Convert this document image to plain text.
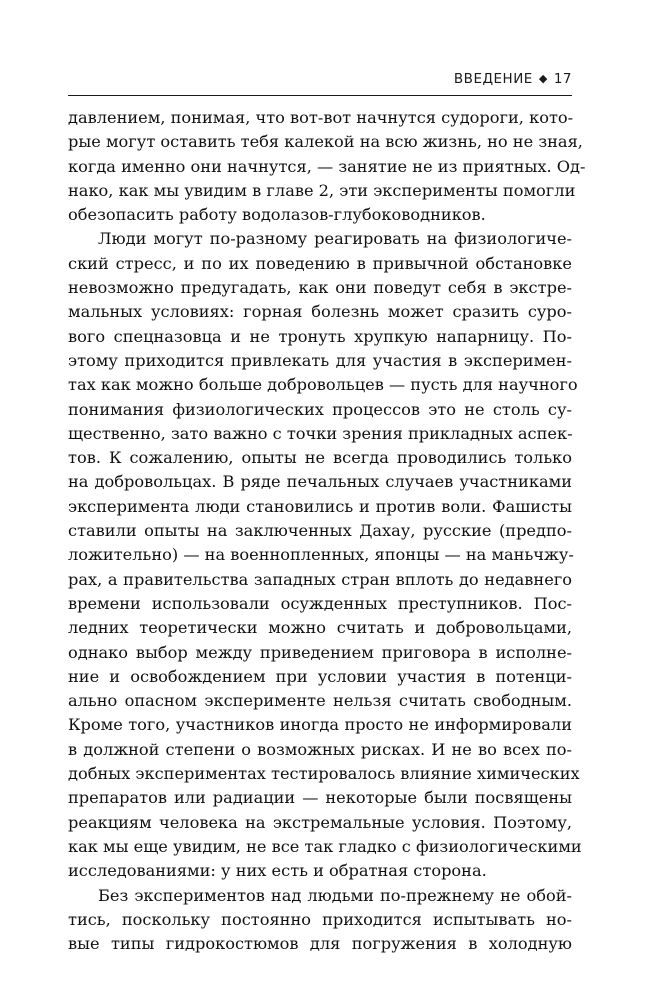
ВВЕДЕНИЕ ◆ 17
давлением, понимая, что вот-вот начнутся судороги, кото-
рые могут оставить тебя калекой на всю жизнь, но не зная,
когда именно они начнутся, — занятие не из приятных. Од-
нако, как мы увидим в главе 2, эти эксперименты помогли
обезопасить работу водолазов-глубоководников.
Люди могут по-разному реагировать на физиологиче-
ский стресс, и по их поведению в привычной обстановке
невозможно предугадать, как они поведут себя в экстре-
мальных условиях: горная болезнь может сразить суро-
вого спецназовца и не тронуть хрупкую напарницу. По-
этому приходится привлекать для участия в эксперимен-
тах как можно больше добровольцев — пусть для научного
понимания физиологических процессов это не столь су-
щественно, зато важно с точки зрения прикладных аспек-
тов. К сожалению, опыты не всегда проводились только
на добровольцах. В ряде печальных случаев участниками
эксперимента люди становились и против воли. Фашисты
ставили опыты на заключенных Дахау, русские (предпо-
ложительно) — на военнопленных, японцы — на маньчжу-
рах, а правительства западных стран вплоть до недавнего
времени использовали осужденных преступников. Пос-
ледних теоретически можно считать и добровольцами,
однако выбор между приведением приговора в исполне-
ние и освобождением при условии участия в потенци-
ально опасном эксперименте нельзя считать свободным.
Кроме того, участников иногда просто не информировали
в должной степени о возможных рисках. И не во всех по-
добных экспериментах тестировалось влияние химических
препаратов или радиации — некоторые были посвящены
реакциям человека на экстремальные условия. Поэтому,
как мы еще увидим, не все так гладко с физиологическими
исследованиями: у них есть и обратная сторона.
Без экспериментов над людьми по-прежнему не обой-
тись, поскольку постоянно приходится испытывать но-
вые типы гидрокостюмов для погружения в холодную
